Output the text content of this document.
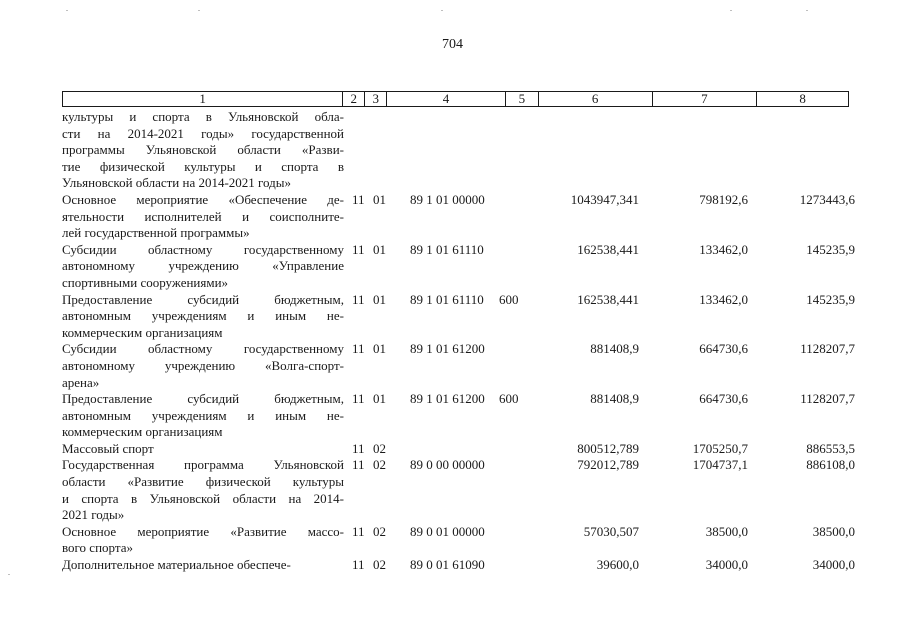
704
1	2	3	4	5	6	7	8
культуры и спорта в Ульяновской обла-
сти на 2014-2021 годы» государственной
программы Ульяновской области «Разви-
тие физической культуры и спорта в
Ульяновской области на 2014-2021 годы»
Основное мероприятие «Обеспечение де-
ятельности исполнителей и соисполните-
лей государственной программы»
11 01	89 1 01 00000	1043947,341	798192,6	1273443,6
Субсидии областному государственному
автономному учреждению «Управление
спортивными сооружениями»
11 01	89 1 01 61110	162538,441	133462,0	145235,9
Предоставление субсидий бюджетным,
автономным учреждениям и иным не-
коммерческим организациям
11 01	89 1 01 61110	600	162538,441	133462,0	145235,9
Субсидии областному государственному
автономному учреждению «Волга-спорт-
арена»
11 01	89 1 01 61200	881408,9	664730,6	1128207,7
Предоставление субсидий бюджетным,
автономным учреждениям и иным не-
коммерческим организациям
11 01	89 1 01 61200	600	881408,9	664730,6	1128207,7
Массовый спорт	11 02	800512,789	1705250,7	886553,5
Государственная программа Ульяновской
области «Развитие физической культуры
и спорта в Ульяновской области на 2014-
2021 годы»
11 02	89 0 00 00000	792012,789	1704737,1	886108,0
Основное мероприятие «Развитие массо-
вого спорта»
11 02	89 0 01 00000	57030,507	38500,0	38500,0
Дополнительное материальное обеспече-	11 02	89 0 01 61090	39600,0	34000,0	34000,0
